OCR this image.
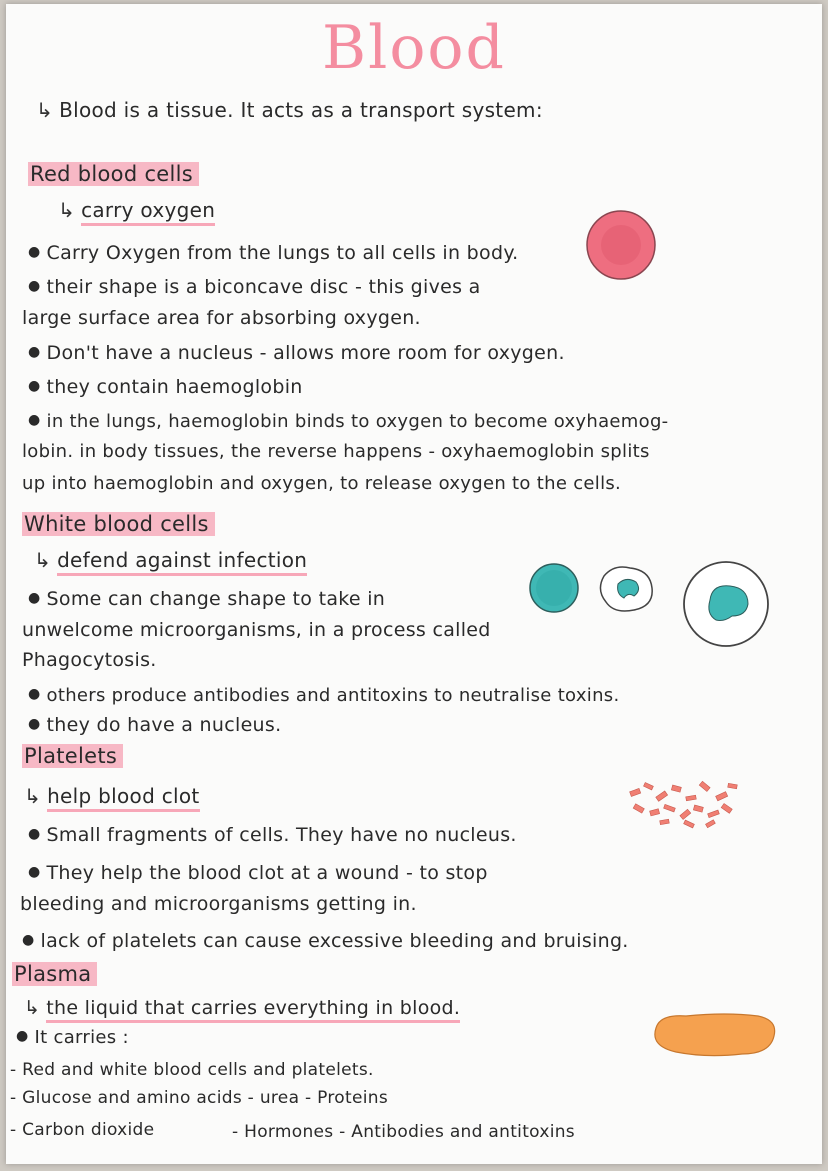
Blood
↳ Blood is a tissue. It acts as a transport system:
Red blood cells
↳ carry oxygen
● Carry Oxygen from the lungs to all cells in body.
● their shape is a biconcave disc - this gives a
large surface area for absorbing oxygen.
● Don't have a nucleus - allows more room for oxygen.
● they contain haemoglobin
● in the lungs, haemoglobin binds to oxygen to become oxyhaemog-
lobin. in body tissues, the reverse happens - oxyhaemoglobin splits
up into haemoglobin and oxygen, to release oxygen to the cells.
White blood cells
↳ defend against infection
● Some can change shape to take in
unwelcome microorganisms, in a process called
Phagocytosis.
● others produce antibodies and antitoxins to neutralise toxins.
● they do have a nucleus.
Platelets
↳ help blood clot
● Small fragments of cells. They have no nucleus.
● They help the blood clot at a wound - to stop
bleeding and microorganisms getting in.
● lack of platelets can cause excessive bleeding and bruising.
Plasma
↳ the liquid that carries everything in blood.
● It carries :
- Red and white blood cells and platelets.
- Glucose and amino acids - urea - Proteins
- Carbon dioxide	- Hormones - Antibodies and antitoxins
